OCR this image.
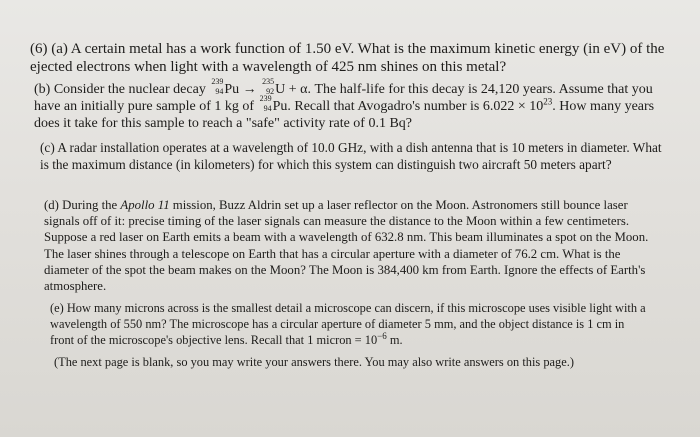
(6) (a) A certain metal has a work function of 1.50 eV. What is the maximum kinetic energy (in eV) of the ejected electrons when light with a wavelength of 425 nm shines on this metal?

(b) Consider the nuclear decay
239
94 Pu →
235
92 U + α. The half-life for this decay is 24,120 years. Assume that you have an initially pure sample of 1 kg of
239
94 Pu. Recall that Avogadro's number is $6.022 \times 10^{23}$. How many years does it take for this sample to reach a "safe" activity rate of 0.1 Bq?

(c) A radar installation operates at a wavelength of 10.0 GHz, with a dish antenna that is 10 meters in diameter. What is the maximum distance (in kilometers) for which this system can distinguish two aircraft 50 meters apart?

(d) During the Apollo 11 mission, Buzz Aldrin set up a laser reflector on the Moon. Astronomers still bounce laser signals off of it: precise timing of the laser signals can measure the distance to the Moon within a few centimeters. Suppose a red laser on Earth emits a beam with a wavelength of 632.8 nm. This beam illuminates a spot on the Moon. The laser shines through a telescope on Earth that has a circular aperture with a diameter of 76.2 cm. What is the diameter of the spot the beam makes on the Moon? The Moon is 384,400 km from Earth. Ignore the effects of Earth's atmosphere.

(e) How many microns across is the smallest detail a microscope can discern, if this microscope uses visible light with a wavelength of 550 nm? The microscope has a circular aperture of diameter 5 mm, and the object distance is 1 cm in front of the microscope's objective lens. Recall that 1 micron = $10^{-6}$ m.

(The next page is blank, so you may write your answers there. You may also write answers on this page.)
